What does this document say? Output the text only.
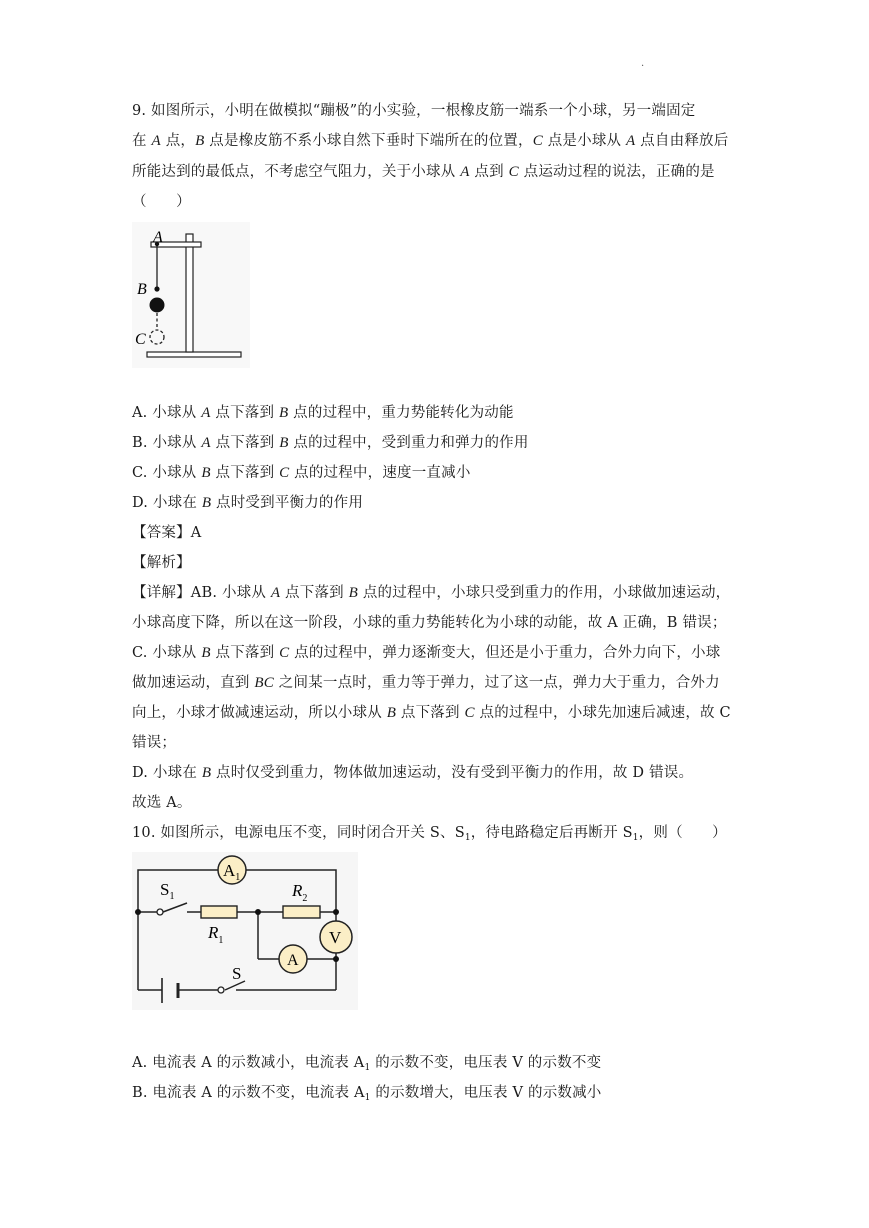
.
9. 如图所示，小明在做模拟“蹦极”的小实验，一根橡皮筋一端系一个小球，另一端固定
在 A 点，B 点是橡皮筋不系小球自然下垂时下端所在的位置，C 点是小球从 A 点自由释放后
所能达到的最低点，不考虑空气阻力，关于小球从 A 点到 C 点运动过程的说法，正确的是
（　　）
A
B
C
A. 小球从 A 点下落到 B 点的过程中，重力势能转化为动能
B. 小球从 A 点下落到 B 点的过程中，受到重力和弹力的作用
C. 小球从 B 点下落到 C 点的过程中，速度一直减小
D. 小球在 B 点时受到平衡力的作用
【答案】A
【解析】
【详解】AB. 小球从 A 点下落到 B 点的过程中，小球只受到重力的作用，小球做加速运动，
小球高度下降，所以在这一阶段，小球的重力势能转化为小球的动能，故 A 正确，B 错误；
C. 小球从 B 点下落到 C 点的过程中，弹力逐渐变大，但还是小于重力，合外力向下，小球
做加速运动，直到 BC 之间某一点时，重力等于弹力，过了这一点，弹力大于重力，合外力
向上，小球才做减速运动，所以小球从 B 点下落到 C 点的过程中，小球先加速后减速，故 C
错误；
D. 小球在 B 点时仅受到重力，物体做加速运动，没有受到平衡力的作用，故 D 错误。
故选 A。
10. 如图所示，电源电压不变，同时闭合开关 S、$S_1$，待电路稳定后再断开 $S_1$，则（　　）
$A_1$
$S_1$	$R_2$
$R_1$	V
A
S
A. 电流表 A 的示数减小，电流表 $A_1$ 的示数不变，电压表 V 的示数不变
B. 电流表 A 的示数不变，电流表 $A_1$ 的示数增大，电压表 V 的示数减小
